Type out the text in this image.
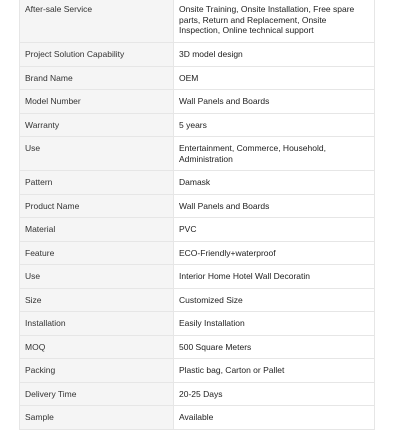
After-sale Service	Onsite Training, Onsite Installation, Free spare parts, Return and Replacement, Onsite Inspection, Online technical support
Project Solution Capability	3D model design
Brand Name	OEM
Model Number	Wall Panels and Boards
Warranty	5 years
Use	Entertainment, Commerce, Household, Administration
Pattern	Damask
Product Name	Wall Panels and Boards
Material	PVC
Feature	ECO-Friendly+waterproof
Use	Interior Home Hotel Wall Decoratin
Size	Customized Size
Installation	Easily Installation
MOQ	500 Square Meters
Packing	Plastic bag, Carton or Pallet
Delivery Time	20-25 Days
Sample	Available
